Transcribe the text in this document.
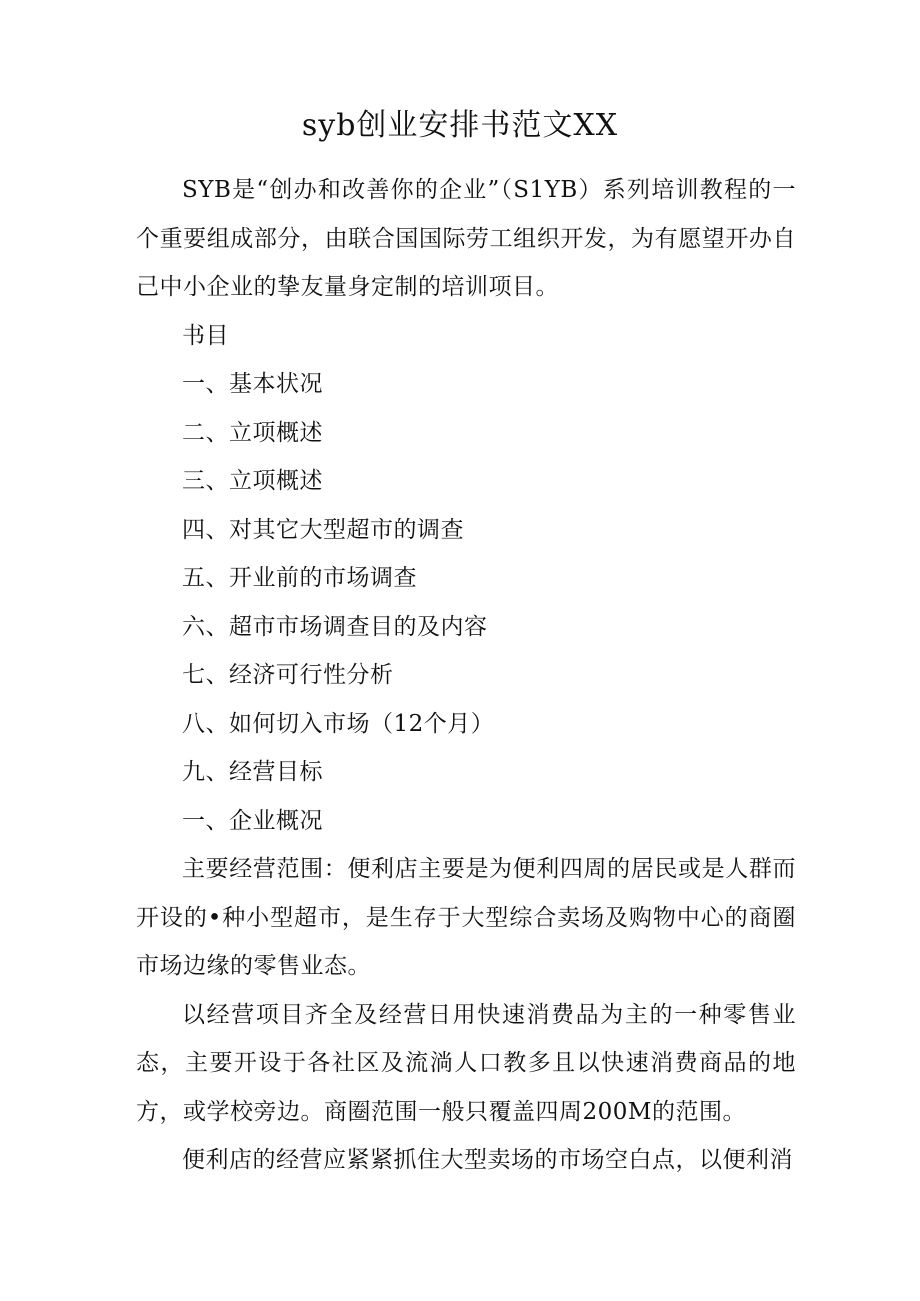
syb创业安排书范文XX

SYB是“创办和改善你的企业”（S1YB）系列培训教程的一个重要组成部分，由联合国国际劳工组织开发，为有愿望开办自己中小企业的挚友量身定制的培训项目。

书目

一、基本状况

二、立项概述

三、立项概述

四、对其它大型超市的调查

五、开业前的市场调查

六、超市市场调查目的及内容

七、经济可行性分析

八、如何切入市场（12个月）

九、经营目标

一、企业概况

主要经营范围：便利店主要是为便利四周的居民或是人群而开设的•种小型超市，是生存于大型综合卖场及购物中心的商圈市场边缘的零售业态。

以经营项目齐全及经营日用快速消费品为主的一种零售业态，主要开设于各社区及流淌人口教多且以快速消费商品的地方，或学校旁边。商圈范围一般只覆盖四周200M的范围。

便利店的经营应紧紧抓住大型卖场的市场空白点，以便利消
